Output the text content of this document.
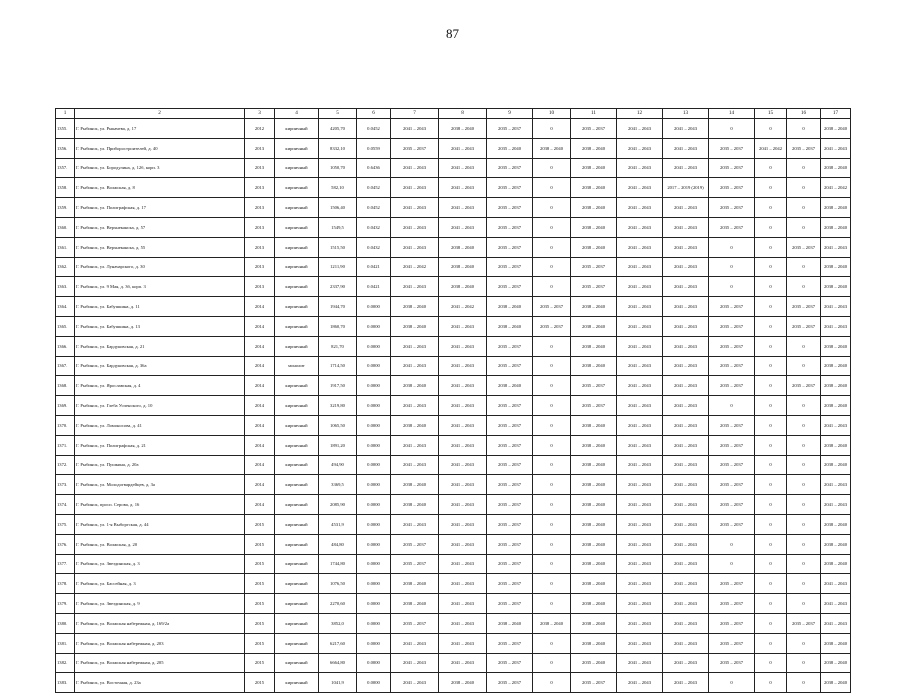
87
1	2	3	4	5	6	7	8	9	10	11	12	13	14	15	16	17
1355.	Г. Рыбинск, ул. Рыкачева, д. 17	2012	кирпичный	4205,70	0.0452	2041 – 2043	2038 – 2040	2035 – 2037	0	2035 – 2037	2041 – 2043	2041 – 2043	0	0	0	2038 – 2040
1356.	Г. Рыбинск, ул. Приборостроителей, д. 40	2013	кирпичный	8332,10	0.0559	2035 – 2037	2041 – 2043	2035 – 2040	2038 – 2040	2038 – 2040	2041 – 2043	2041 – 2043	2035 – 2037	2041 – 2042	2035 – 2037	2041 – 2043
1357.	Г. Рыбинск, ул. Бородулина, д. 12б, корп. 3	2013	кирпичный	1050,70	0.6436	2041 – 2043	2041 – 2043	2035 – 2037	0	2038 – 2040	2041 – 2043	2041 – 2043	2035 – 2037	0	0	2038 – 2040
1358.	Г. Рыбинск, ул. Волжская, д. 8	2013	кирпичный	582,10	0.0452	2041 – 2043	2041 – 2043	2035 – 2037	0	2038 – 2040	2041 – 2043	2017 – 2019 (2019)	2035 – 2037	0	0	2041 – 2042
1359.	Г. Рыбинск, ул. Полиграфская, д. 17	2013	кирпичный	1506,40	0.0452	2041 – 2043	2041 – 2043	2035 – 2037	0	2038 – 2040	2041 – 2043	2041 – 2043	2035 – 2037	0	0	2038 – 2040
1360.	Г. Рыбинск, ул. Верхнеканска, д. 57	2013	кирпичный	1549,5	0.0432	2041 – 2043	2041 – 2043	2035 – 2037	0	2038 – 2040	2041 – 2043	2041 – 2043	2035 – 2037	0	0	2038 – 2040
1361.	Г. Рыбинск, ул. Верхнеканска, д. 55	2013	кирпичный	1515,50	0.0432	2041 – 2043	2038 – 2040	2035 – 2037	0	2038 – 2040	2041 – 2043	2041 – 2043	0	0	2035 – 2037	2041 – 2043
1362.	Г. Рыбинск, ул. Луначарского, д. 30	2013	кирпичный	1211,90	0.0421	2041 – 2042	2038 – 2040	2035 – 2037	0	2035 – 2037	2041 – 2043	2041 – 2043	0	0	0	2038 – 2040
1363.	Г. Рыбинск, ул. 9 Мая, д. 3б, корп. 3	2013	кирпичный	2337,90	0.0421	2041 – 2043	2038 – 2040	2035 – 2037	0	2035 – 2037	2041 – 2043	2041 – 2043	0	0	0	2038 – 2040
1364.	Г. Рыбинск, ул. Бабушкина, д. 11	2014	кирпичный	1944,70	0.0000	2038 – 2040	2041 – 2042	2038 – 2040	2035 – 2037	2038 – 2040	2041 – 2043	2041 – 2043	2035 – 2037	0	2035 – 2037	2041 – 2043
1365.	Г. Рыбинск, ул. Бабушкина, д. 13	2014	кирпичный	1860,70	0.0000	2038 – 2040	2041 – 2043	2038 – 2040	2035 – 2037	2038 – 2040	2041 – 2043	2041 – 2043	2035 – 2037	0	2035 – 2037	2041 – 2043
1366.	Г. Рыбинск, ул. Бардуковская, д. 21	2014	кирпичный	821,70	0.0000	2041 – 2043	2041 – 2043	2035 – 2037	0	2038 – 2040	2041 – 2043	2041 – 2043	2035 – 2037	0	0	2038 – 2040
1367.	Г. Рыбинск, ул. Бардуковская, д. 36а	2014	монолит	1714,50	0.0000	2041 – 2043	2041 – 2043	2035 – 2037	0	2038 – 2040	2041 – 2043	2041 – 2043	2035 – 2037	0	0	2038 – 2040
1368.	Г. Рыбинск, ул. Ярославская, д. 4	2014	кирпичный	1917,50	0.0000	2038 – 2040	2041 – 2043	2038 – 2040	0	2035 – 2037	2041 – 2043	2041 – 2043	2035 – 2037	0	2035 – 2037	2038 – 2040
1369.	Г. Рыбинск, ул. Глеба Успенского, д. 10	2014	кирпичный	3219,80	0.0000	2041 – 2043	2041 – 2043	2035 – 2037	0	2035 – 2037	2041 – 2043	2041 – 2043	0	0	0	2038 – 2040
1370.	Г. Рыбинск, ул. Ломоносова, д. 41	2014	кирпичный	1065,50	0.0000	2038 – 2040	2041 – 2043	2035 – 2037	0	2038 – 2040	2041 – 2043	2041 – 2043	2035 – 2037	0	0	2041 – 2043
1371.	Г. Рыбинск, ул. Полиграфская, д. 21	2014	кирпичный	1891,20	0.0000	2041 – 2043	2041 – 2043	2035 – 2037	0	2038 – 2040	2041 – 2043	2041 – 2043	2035 – 2037	0	0	2038 – 2040
1372.	Г. Рыбинск, ул. Пушкина, д. 20а	2014	кирпичный	494,90	0.0000	2041 – 2043	2041 – 2043	2035 – 2037	0	2038 – 2040	2041 – 2043	2041 – 2043	2035 – 2037	0	0	2038 – 2040
1373.	Г. Рыбинск, ул. Молодогвардейцев, д. 3а	2014	кирпичный	3369,5	0.0000	2038 – 2040	2041 – 2043	2035 – 2037	0	2038 – 2040	2041 – 2043	2041 – 2043	2035 – 2037	0	0	2041 – 2043
1374.	Г. Рыбинск, просп. Серова, д. 16	2014	кирпичный	2085,90	0.0000	2038 – 2040	2041 – 2043	2035 – 2037	0	2038 – 2040	2041 – 2043	2041 – 2043	2035 – 2037	0	0	2041 – 2043
1375.	Г. Рыбинск, ул. 1-я Выборгская, д. 44	2015	кирпичный	4531,9	0.0000	2041 – 2043	2041 – 2043	2035 – 2037	0	2038 – 2040	2041 – 2043	2041 – 2043	2035 – 2037	0	0	2038 – 2040
1376.	Г. Рыбинск, ул. Волжская, д. 20	2015	кирпичный	484,80	0.0000	2035 – 2037	2041 – 2043	2035 – 2037	0	2038 – 2040	2041 – 2043	2041 – 2043	0	0	0	2038 – 2040
1377.	Г. Рыбинск, ул. Звездинская, д. 3	2015	кирпичный	1744,80	0.0000	2035 – 2037	2041 – 2043	2035 – 2037	0	2038 – 2040	2041 – 2043	2041 – 2043	0	0	0	2038 – 2040
1378.	Г. Рыбинск, ул. Бассейная, д. 3	2015	кирпичный	1076,50	0.0000	2038 – 2040	2041 – 2043	2035 – 2037	0	2038 – 2040	2041 – 2043	2041 – 2043	2035 – 2037	0	0	2041 – 2043
1379.	Г. Рыбинск, ул. Звездинская, д. 9	2015	кирпичный	2270,60	0.0000	2038 – 2040	2041 – 2043	2035 – 2037	0	2038 – 2040	2041 – 2043	2041 – 2043	2035 – 2037	0	0	2041 – 2043
1380.	Г. Рыбинск, ул. Волжская набережная, д. 169/2а	2015	кирпичный	3852,0	0.0000	2035 – 2037	2041 – 2043	2038 – 2040	2038 – 2040	2038 – 2040	2041 – 2043	2041 – 2043	2035 – 2037	0	2035 – 2037	2041 – 2043
1381.	Г. Рыбинск, ул. Волжская набережная, д. 203	2015	кирпичный	6217,60	0.0000	2041 – 2043	2041 – 2043	2035 – 2037	0	2038 – 2040	2041 – 2043	2041 – 2043	2035 – 2037	0	0	2038 – 2040
1382.	Г. Рыбинск, ул. Волжская набережная, д. 205	2015	кирпичный	6664,80	0.0000	2041 – 2043	2041 – 2043	2035 – 2037	0	2035 – 2040	2041 – 2043	2041 – 2043	2035 – 2037	0	0	2038 – 2040
1383.	Г. Рыбинск, ул. Восточная, д. 23а	2015	кирпичный	1041,9	0.0000	2041 – 2043	2038 – 2040	2035 – 2037	0	2035 – 2037	2041 – 2043	2041 – 2043	0	0	0	2038 – 2040
